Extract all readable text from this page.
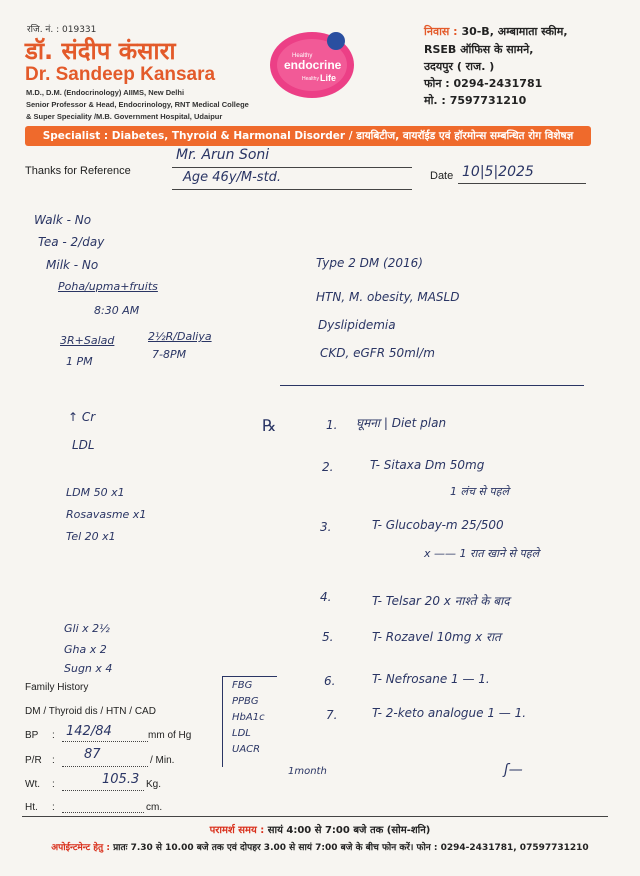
रजि. नं. : 019331
डॉ. संदीप कंसारा
Dr. Sandeep Kansara
M.D., D.M. (Endocrinology) AIIMS, New Delhi
Senior Professor & Head, Endocrinology, RNT Medical College
& Super Speciality /M.B. Government Hospital, Udaipur
Healthy
endocrine
Healthy Life
निवास : 30-B, अम्बामाता स्कीम,
RSEB ऑफिस के सामने,
उदयपुर ( राज. )
फोन : 0294-2431781
मो. : 7597731210
Specialist : Diabetes, Thyroid & Harmonal Disorder / डायबिटीज, वायरॉईड एवं हॉरमोन्स सम्बन्धित रोग विशेषज्ञ
Thanks for Reference
Mr. Arun Soni
Age 46y/M-std.	Date 10|5|2025
Walk - No
Tea - 2/day
Milk - No
Poha/upma+fruits
8:30 AM
3R+Salad
1 PM
2½R/Daliya
7-8PM
Type 2 DM (2016)
HTN, M. obesity, MASLD
Dyslipidemia
CKD, eGFR 50ml/m
↑ Cr
LDL
LDM 50 x1
Rosavasme x1
Tel 20 x1
Gli x 2½
Gha x 2
Sugn x 4
℞	1. घूमना | Diet plan
2.	T- Sitaxa Dm 50mg
1 लंच से पहले
3.	T- Glucobay-m 25/500
x —— 1 रात खाने से पहले
4.	T- Telsar 20 x नाश्ते के बाद
5.	T- Rozavel 10mg x रात
6.	T- Nefrosane 1 — 1.
7.	T- 2-keto analogue 1 — 1.
FBG
PPBG
HbA1c
LDL
UACR
1month	ʃ—
Family History
DM / Thyroid dis / HTN / CAD
BP : 142/84	mm of Hg
P/R : 87	/ Min.
Wt. :	105.3 Kg.
Ht. :	cm.
परामर्श समय : सायं 4:00 से 7:00 बजे तक (सोम-शनि)
अपोईन्टमेन्ट हेतु : प्रातः 7.30 से 10.00 बजे तक एवं दोपहर 3.00 से सायं 7:00 बजे के बीच फोन करें। फोन : 0294-2431781, 07597731210
